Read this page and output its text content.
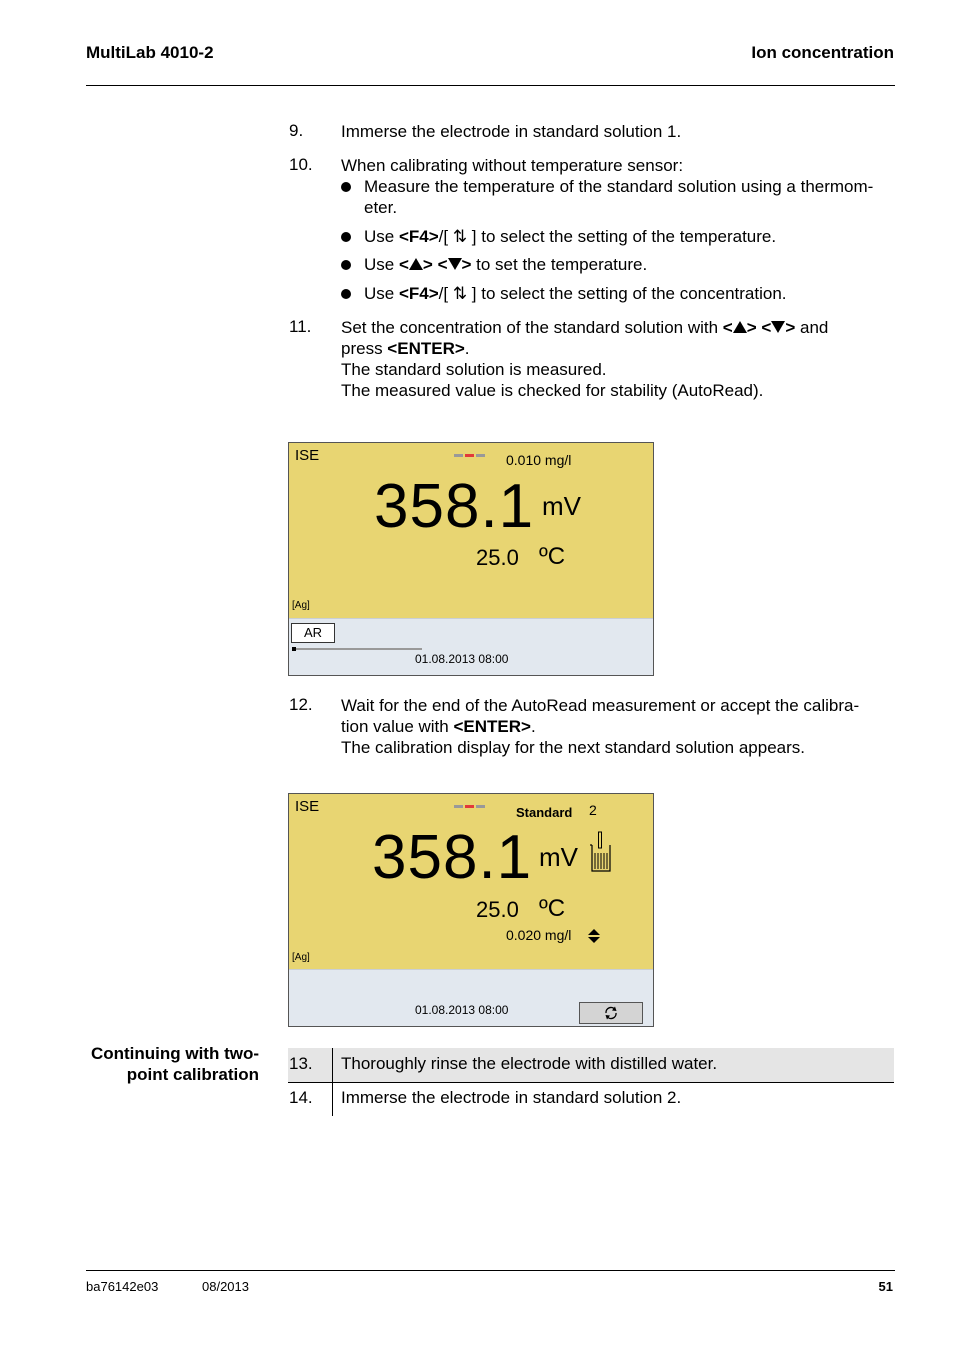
MultiLab 4010-2	Ion concentration
9. Immerse the electrode in standard solution 1.
10. When calibrating without temperature sensor:
Measure the temperature of the standard solution using a thermom-
eter.
Use <F4>/[ ⇅ ] to select the setting of the temperature.
Use < > < > to set the temperature.
Use <F4>/[ ⇅ ] to select the setting of the concentration.
11. Set the concentration of the standard solution with < > < > and
press <ENTER>.
The standard solution is measured.
The measured value is checked for stability (AutoRead).
ISE	0.010 mg/l
358.1 mV
25.0 ºC
[Ag]
AR
01.08.2013 08:00
12. Wait for the end of the AutoRead measurement or accept the calibra-
tion value with <ENTER>.
The calibration display for the next standard solution appears.
ISE	Standard 2
358.1 mV
25.0 ºC
0.020 mg/l
[Ag]
01.08.2013 08:00
Continuing with two-
point calibration
13. Thoroughly rinse the electrode with distilled water.
14. Immerse the electrode in standard solution 2.
ba76142e03	08/2013	51
